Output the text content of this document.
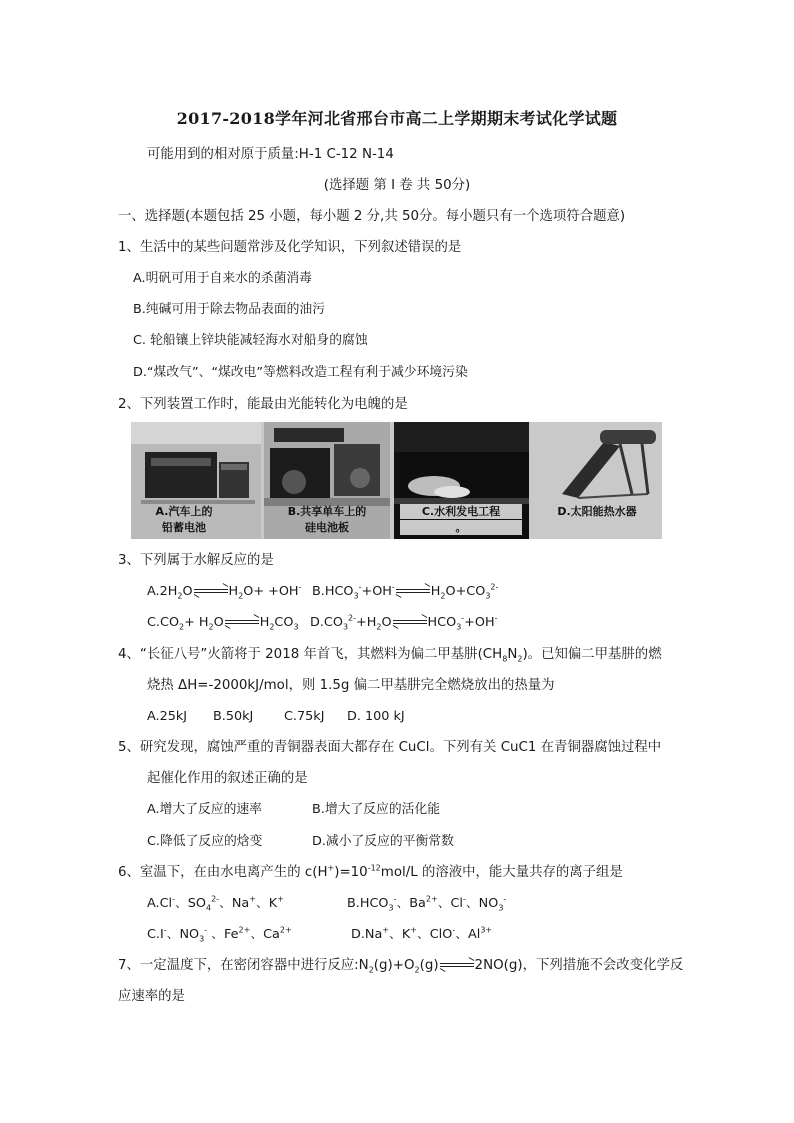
2017-2018学年河北省邢台市高二上学期期末考试化学试题
可能用到的相对原于质量:H-1 C-12 N-14
(选择题 第 I 卷 共 50分)
一、选择题(本题包括 25 小题，每小题 2 分,共 50分。每小题只有一个选项符合题意)
1、生活中的某些问题常涉及化学知识，下列叙述错误的是
A.明矾可用于自来水的杀菌消毒
B.纯碱可用于除去物品表面的油污
C. 轮船镶上锌块能减轻海水对船身的腐蚀
D.“煤改气”、“煤改电”等燃料改造工程有利于减少环境污染
2、下列装置工作时，能最由光能转化为电魄的是
A.汽车上的
铅蓄电池
B.共享单车上的
硅电池板
C.水利发电工程
。
D.太阳能热水器
3、下列属于水解反应的是
$A.2H_2O$	$H_2O+ +OH^-$ $B.HCO_3^-+OH^-$	$H_2O+CO_3^{2-}$
$C.CO_2+ H_2O$	$H_2CO_3$ $D.CO_3^{2-}+H_2O$	$HCO_3^-+OH^-$
4、“长征八号”火箭将于 2018 年首飞，其燃料为偏二甲基肼$(CH_8N_2)$。已知偏二甲基肼的燃
烧热 ΔH=-2000kJ/mol，则 1.5g 偏二甲基肼完全燃烧放出的热量为
A.25kJ B.50kJ C.75kJ D. 100 kJ
5、研究发现，腐蚀严重的青铜器表面大都存在 CuCl。下列有关 CuC1 在青铜器腐蚀过程中
起催化作用的叙述正确的是
A.增大了反应的速率	B.增大了反应的活化能
C.降低了反应的焓变	D.减小了反应的平衡常数
6、室温下，在由水电离产生的 $c(H^+)=10^{-12}mol/L$ 的溶液中，能大量共存的离子组是
A.Cl-、$SO_4^{2-}$、Na+、K+	$B.HCO_3^-$、$Ba^{2+}$、Cl-、$NO_3^-$
C.I-、$NO_3^-$ 、$Fe^{2+}$、$Ca^{2+}$	D.Na+、K+、ClO-、$Al^{3+}$
7、一定温度下，在密闭容器中进行反应$:N_2(g)+O_2(g)$	2NO(g)，下列措施不会改变化学反
应速率的是
